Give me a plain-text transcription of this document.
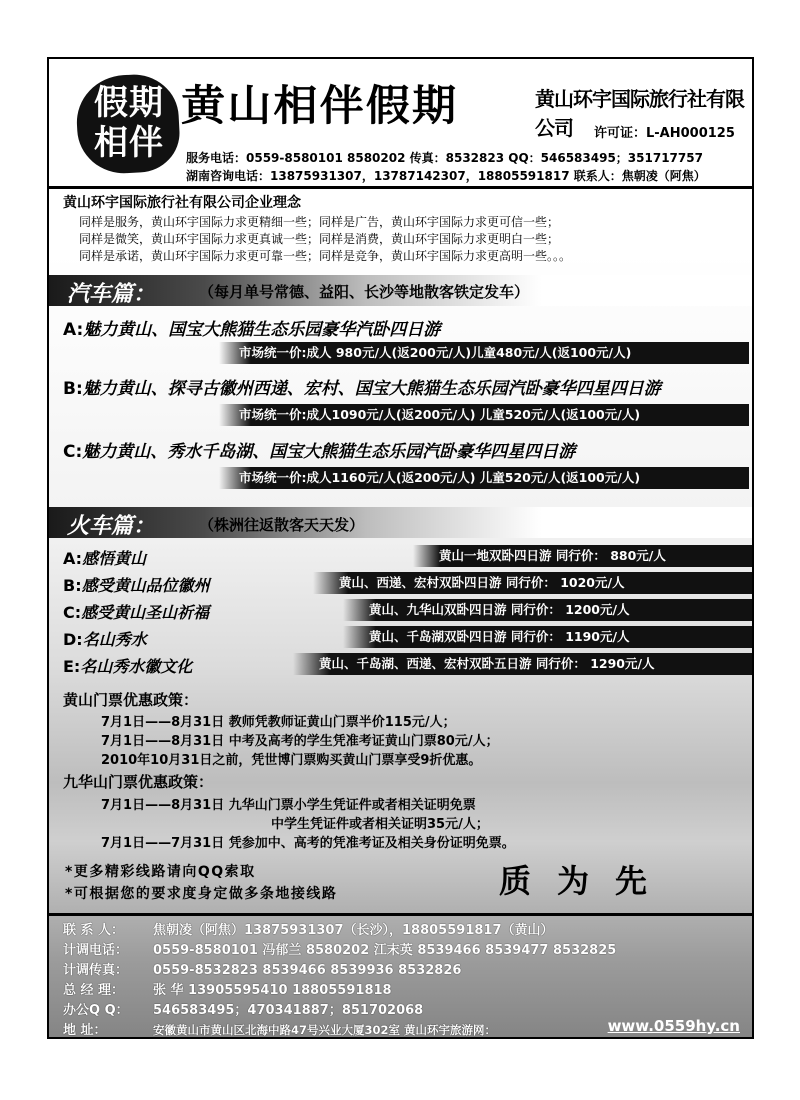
假期相伴
黄山相伴假期	黄山环宇国际旅行社有限公司	许可证：L-AH000125
服务电话：0559-8580101 8580202 传真：8532823 QQ：546583495；351717757
湖南咨询电话：13875931307，13787142307，18805591817 联系人：焦朝凌（阿焦）
黄山环宇国际旅行社有限公司企业理念
同样是服务，黄山环宇国际力求更精细一些；同样是广告，黄山环宇国际力求更可信一些；
同样是微笑，黄山环宇国际力求更真诚一些；同样是消费，黄山环宇国际力求更明白一些；
同样是承诺，黄山环宇国际力求更可靠一些；同样是竞争，黄山环宇国际力求更高明一些。。。
汽车篇：	（每月单号常德、益阳、长沙等地散客铁定发车）
A:魅力黄山、国宝大熊猫生态乐园豪华汽卧四日游
市场统一价:成人 980元/人(返200元/人)儿童480元/人(返100元/人)
B:魅力黄山、探寻古徽州西递、宏村、国宝大熊猫生态乐园汽卧豪华四星四日游
市场统一价:成人1090元/人(返200元/人) 儿童520元/人(返100元/人)
C:魅力黄山、秀水千岛湖、国宝大熊猫生态乐园汽卧豪华四星四日游
市场统一价:成人1160元/人(返200元/人) 儿童520元/人(返100元/人)
火车篇：	（株洲往返散客天天发）
A:感悟黄山	黄山一地双卧四日游 同行价： 880元/人
B:感受黄山品位徽州	黄山、西递、宏村双卧四日游 同行价： 1020元/人
C:感受黄山圣山祈福	黄山、九华山双卧四日游 同行价： 1200元/人
D:名山秀水	黄山、千岛湖双卧四日游 同行价： 1190元/人
E:名山秀水徽文化	黄山、千岛湖、西递、宏村双卧五日游 同行价： 1290元/人
黄山门票优惠政策：
7月1日——8月31日 教师凭教师证黄山门票半价115元/人；
7月1日——8月31日 中考及高考的学生凭准考证黄山门票80元/人；
2010年10月31日之前，凭世博门票购买黄山门票享受9折优惠。
九华山门票优惠政策：
7月1日——8月31日 九华山门票小学生凭证件或者相关证明免票
中学生凭证件或者相关证明35元/人；
7月1日——7月31日 凭参加中、高考的凭准考证及相关身份证明免票。
*更多精彩线路请向QQ索取
*可根据您的要求度身定做多条地接线路	质为先
联 系 人： 焦朝凌（阿焦）13875931307（长沙），18805591817（黄山）
计调电话： 0559-8580101 冯郁兰 8580202 江末英 8539466 8539477 8532825
计调传真： 0559-8532823 8539466 8539936 8532826
总 经 理： 张 华 13905595410 18805591818
办公Q Q： 546583495；470341887；851702068
地 址：	安徽黄山市黄山区北海中路47号兴业大厦302室 黄山环宇旅游网：	www.0559hy.cn
